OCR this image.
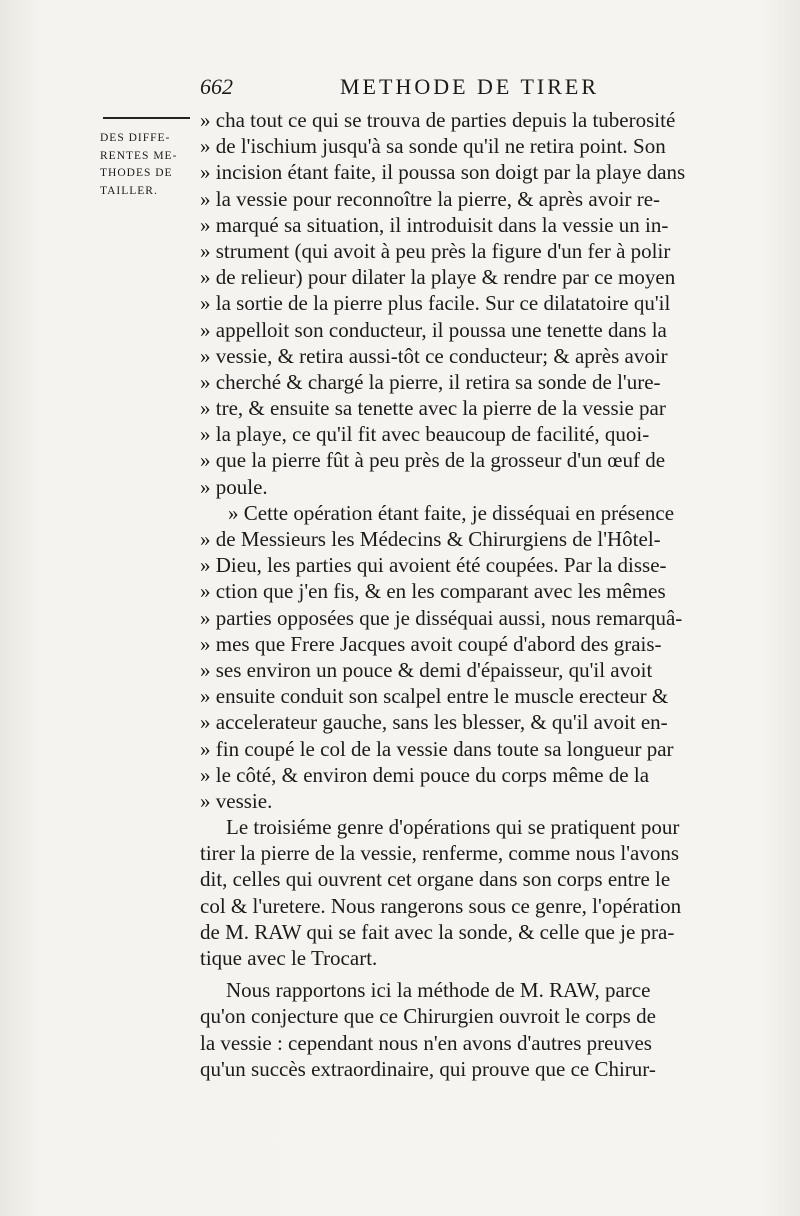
662	METHODE DE TIRER
DES DIFFE-
RENTES ME-
THODES DE
TAILLER.
» cha tout ce qui se trouva de parties depuis la tuberosité
» de l'ischium jusqu'à sa sonde qu'il ne retira point. Son
» incision étant faite, il poussa son doigt par la playe dans
» la vessie pour reconnoître la pierre, & après avoir re-
» marqué sa situation, il introduisit dans la vessie un in-
» strument (qui avoit à peu près la figure d'un fer à polir
» de relieur) pour dilater la playe & rendre par ce moyen
» la sortie de la pierre plus facile. Sur ce dilatatoire qu'il
» appelloit son conducteur, il poussa une tenette dans la
» vessie, & retira aussi-tôt ce conducteur; & après avoir
» cherché & chargé la pierre, il retira sa sonde de l'ure-
» tre, & ensuite sa tenette avec la pierre de la vessie par
» la playe, ce qu'il fit avec beaucoup de facilité, quoi-
» que la pierre fût à peu près de la grosseur d'un œuf de
» poule.
» Cette opération étant faite, je disséquai en présence
» de Messieurs les Médecins & Chirurgiens de l'Hôtel-
» Dieu, les parties qui avoient été coupées. Par la disse-
» ction que j'en fis, & en les comparant avec les mêmes
» parties opposées que je disséquai aussi, nous remarquâ-
» mes que Frere Jacques avoit coupé d'abord des grais-
» ses environ un pouce & demi d'épaisseur, qu'il avoit
» ensuite conduit son scalpel entre le muscle erecteur &
» accelerateur gauche, sans les blesser, & qu'il avoit en-
» fin coupé le col de la vessie dans toute sa longueur par
» le côté, & environ demi pouce du corps même de la
» vessie.
Le troisiéme genre d'opérations qui se pratiquent pour
tirer la pierre de la vessie, renferme, comme nous l'avons
dit, celles qui ouvrent cet organe dans son corps entre le
col & l'uretere. Nous rangerons sous ce genre, l'opération
de M. RAW qui se fait avec la sonde, & celle que je pra-
tique avec le Trocart.
Nous rapportons ici la méthode de M. RAW, parce
qu'on conjecture que ce Chirurgien ouvroit le corps de
la vessie : cependant nous n'en avons d'autres preuves
qu'un succès extraordinaire, qui prouve que ce Chirur-
